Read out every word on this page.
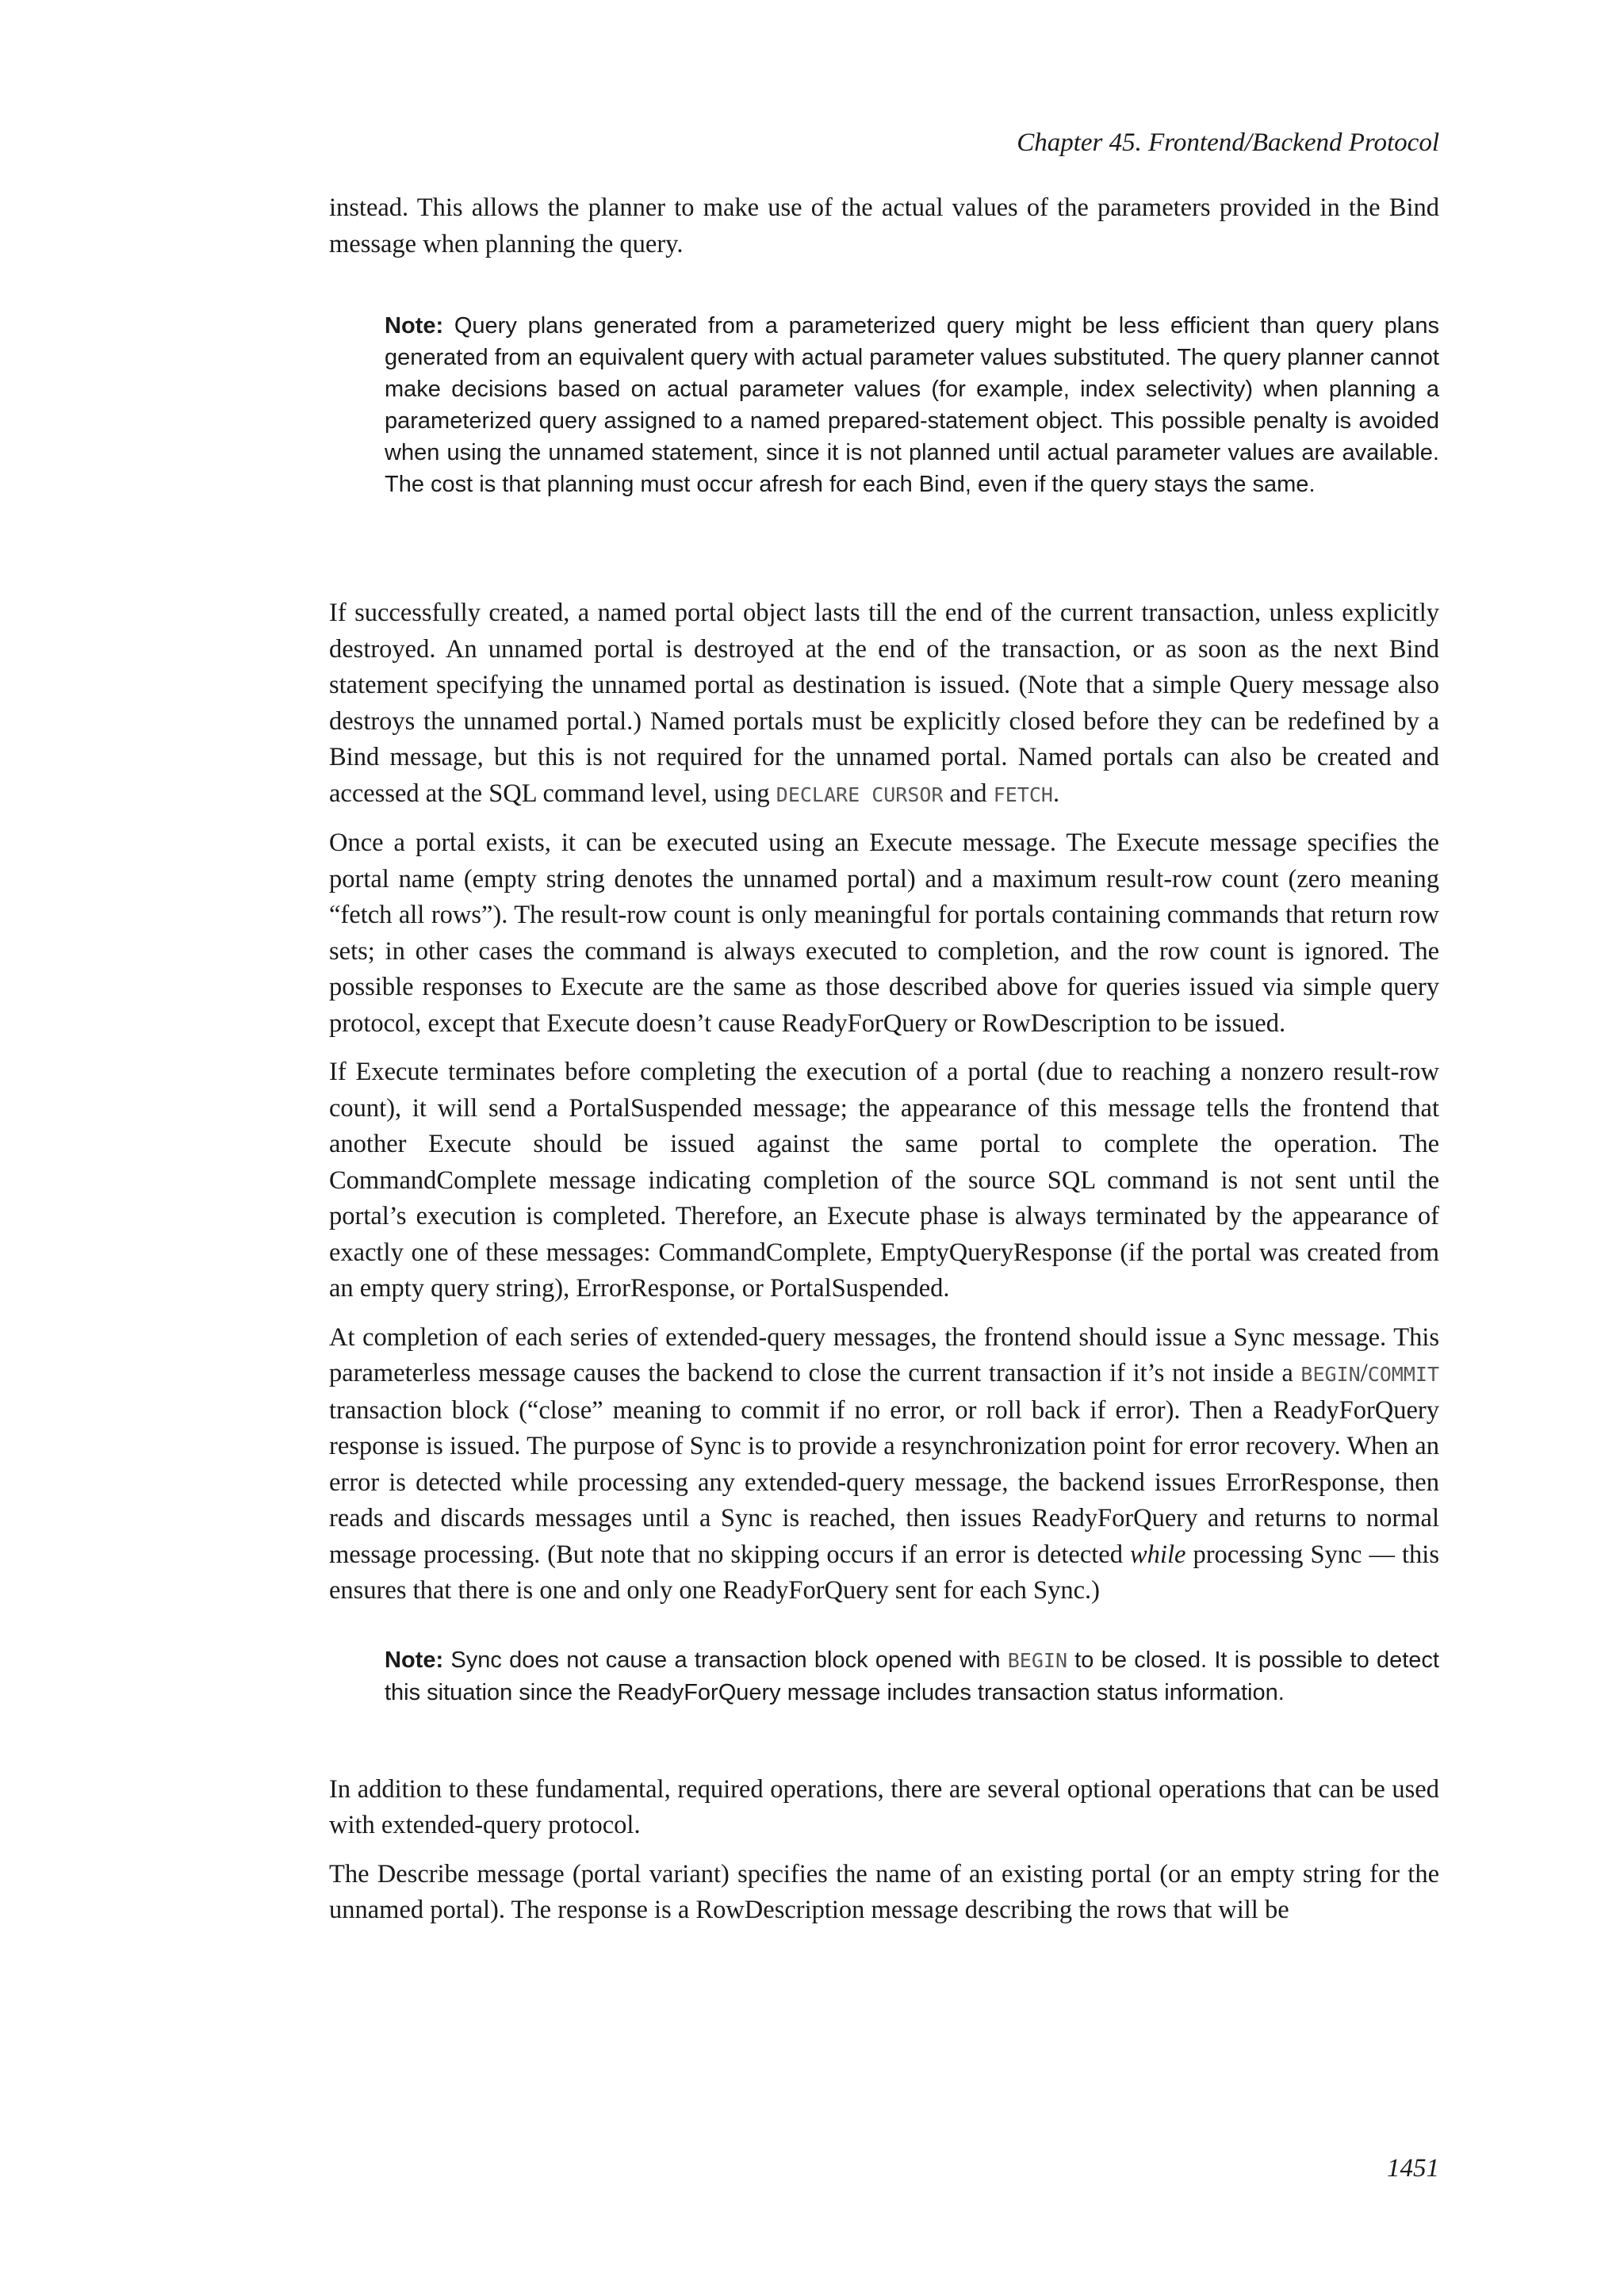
Chapter 45. Frontend/Backend Protocol

instead. This allows the planner to make use of the actual values of the parameters provided in the Bind message when planning the query.

Note: Query plans generated from a parameterized query might be less efficient than query plans generated from an equivalent query with actual parameter values substituted. The query planner cannot make decisions based on actual parameter values (for example, index selectivity) when planning a parameterized query assigned to a named prepared-statement object. This possible penalty is avoided when using the unnamed statement, since it is not planned until actual parameter values are available. The cost is that planning must occur afresh for each Bind, even if the query stays the same.

If successfully created, a named portal object lasts till the end of the current transaction, unless explicitly destroyed. An unnamed portal is destroyed at the end of the transaction, or as soon as the next Bind statement specifying the unnamed portal as destination is issued. (Note that a simple Query message also destroys the unnamed portal.) Named portals must be explicitly closed before they can be redefined by a Bind message, but this is not required for the unnamed portal. Named portals can also be created and accessed at the SQL command level, using DECLARE CURSOR and FETCH.

Once a portal exists, it can be executed using an Execute message. The Execute message specifies the portal name (empty string denotes the unnamed portal) and a maximum result-row count (zero meaning “fetch all rows”). The result-row count is only meaningful for portals containing commands that return row sets; in other cases the command is always executed to completion, and the row count is ignored. The possible responses to Execute are the same as those described above for queries issued via simple query protocol, except that Execute doesn’t cause ReadyForQuery or RowDescription to be issued.

If Execute terminates before completing the execution of a portal (due to reaching a nonzero result-row count), it will send a PortalSuspended message; the appearance of this message tells the frontend that another Execute should be issued against the same portal to complete the operation. The CommandComplete message indicating completion of the source SQL command is not sent until the portal’s execution is completed. Therefore, an Execute phase is always terminated by the appearance of exactly one of these messages: CommandComplete, EmptyQueryResponse (if the portal was created from an empty query string), ErrorResponse, or PortalSuspended.

At completion of each series of extended-query messages, the frontend should issue a Sync message. This parameterless message causes the backend to close the current transaction if it’s not inside a BEGIN/COMMIT transaction block (“close” meaning to commit if no error, or roll back if error). Then a ReadyForQuery response is issued. The purpose of Sync is to provide a resynchronization point for error recovery. When an error is detected while processing any extended-query message, the backend issues ErrorResponse, then reads and discards messages until a Sync is reached, then issues ReadyForQuery and returns to normal message processing. (But note that no skipping occurs if an error is detected while processing Sync — this ensures that there is one and only one ReadyForQuery sent for each Sync.)

Note: Sync does not cause a transaction block opened with BEGIN to be closed. It is possible to detect this situation since the ReadyForQuery message includes transaction status information.

In addition to these fundamental, required operations, there are several optional operations that can be used with extended-query protocol.

The Describe message (portal variant) specifies the name of an existing portal (or an empty string for the unnamed portal). The response is a RowDescription message describing the rows that will be

1451
